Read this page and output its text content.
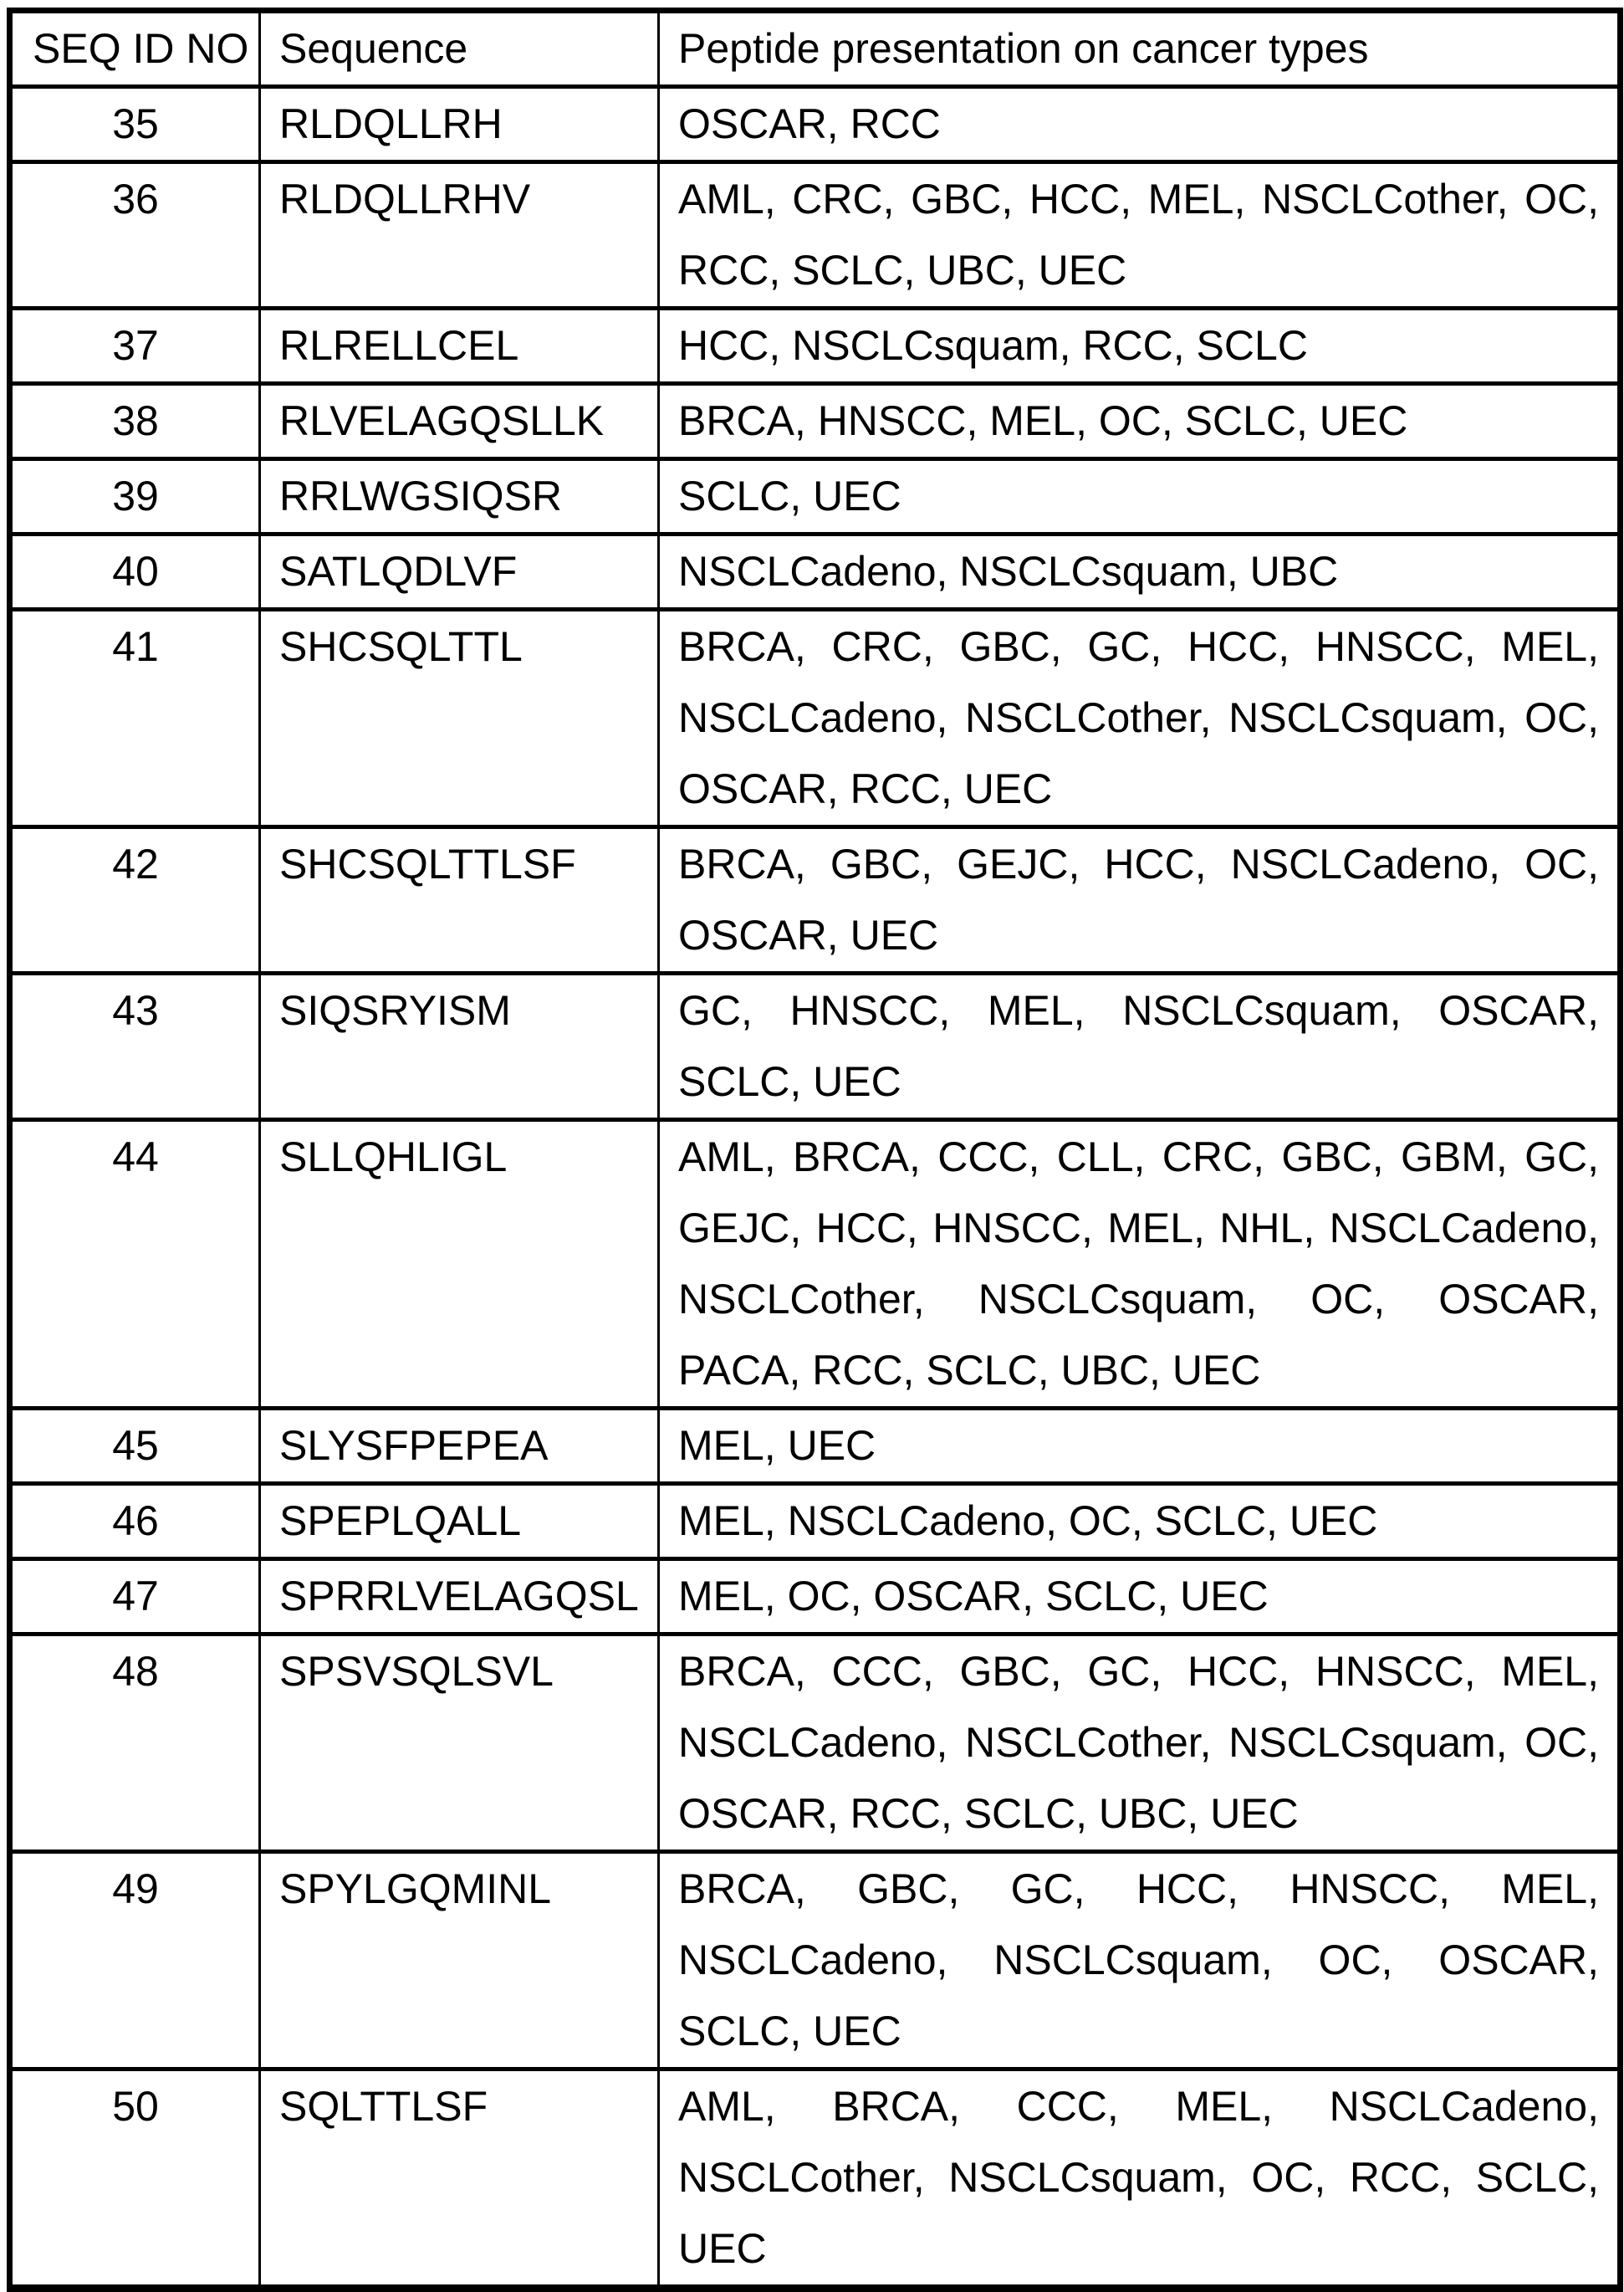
SEQ ID NO	Sequence	Peptide presentation on cancer types
35	RLDQLLRH	OSCAR, RCC
36	RLDQLLRHV	AML, CRC, GBC, HCC, MEL, NSCLCother, OC, RCC, SCLC, UBC, UEC
37	RLRELLCEL	HCC, NSCLCsquam, RCC, SCLC
38	RLVELAGQSLLK	BRCA, HNSCC, MEL, OC, SCLC, UEC
39	RRLWGSIQSR	SCLC, UEC
40	SATLQDLVF	NSCLCadeno, NSCLCsquam, UBC
41	SHCSQLTTL	BRCA, CRC, GBC, GC, HCC, HNSCC, MEL, NSCLCadeno, NSCLCother, NSCLCsquam, OC, OSCAR, RCC, UEC
42	SHCSQLTTLSF	BRCA, GBC, GEJC, HCC, NSCLCadeno, OC, OSCAR, UEC
43	SIQSRYISM	GC, HNSCC, MEL, NSCLCsquam, OSCAR, SCLC, UEC
44	SLLQHLIGL	AML, BRCA, CCC, CLL, CRC, GBC, GBM, GC, GEJC, HCC, HNSCC, MEL, NHL, NSCLCadeno, NSCLCother, NSCLCsquam, OC, OSCAR, PACA, RCC, SCLC, UBC, UEC
45	SLYSFPEPEA	MEL, UEC
46	SPEPLQALL	MEL, NSCLCadeno, OC, SCLC, UEC
47	SPRRLVELAGQSL	MEL, OC, OSCAR, SCLC, UEC
48	SPSVSQLSVL	BRCA, CCC, GBC, GC, HCC, HNSCC, MEL, NSCLCadeno, NSCLCother, NSCLCsquam, OC, OSCAR, RCC, SCLC, UBC, UEC
49	SPYLGQMINL	BRCA, GBC, GC, HCC, HNSCC, MEL, NSCLCadeno, NSCLCsquam, OC, OSCAR, SCLC, UEC
50	SQLTTLSF	AML, BRCA, CCC, MEL, NSCLCadeno, NSCLCother, NSCLCsquam, OC, RCC, SCLC, UEC
